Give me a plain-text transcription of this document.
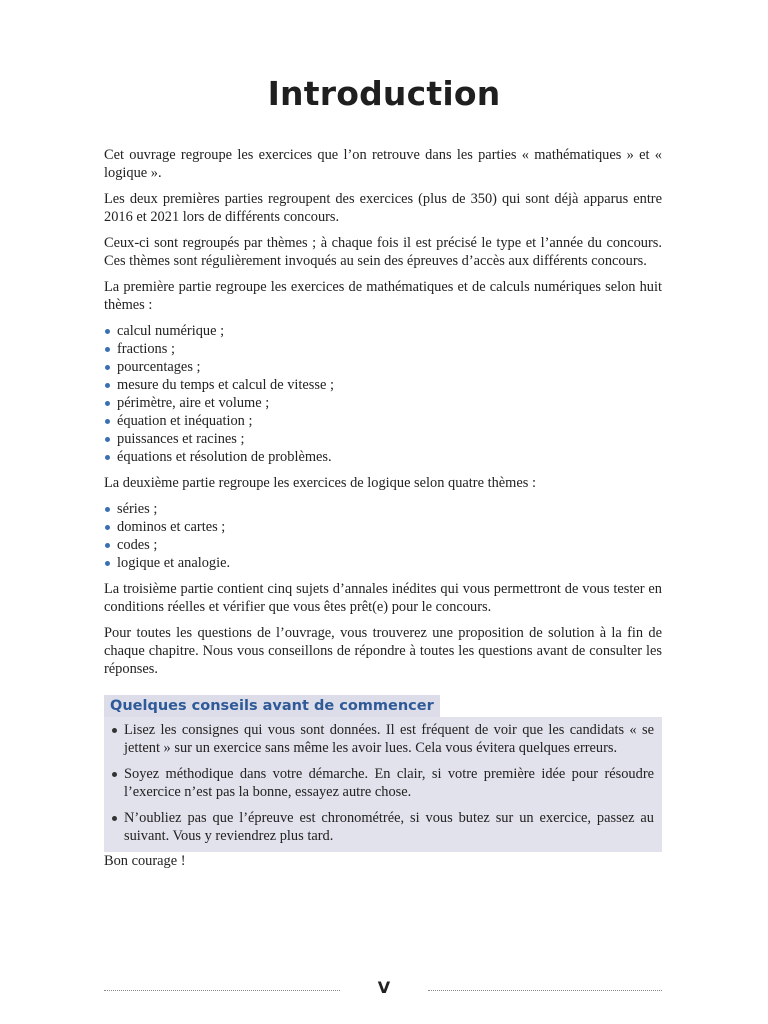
Introduction

Cet ouvrage regroupe les exercices que l’on retrouve dans les parties « mathématiques » et « logique ».

Les deux premières parties regroupent des exercices (plus de 350) qui sont déjà apparus entre 2016 et 2021 lors de différents concours.

Ceux-ci sont regroupés par thèmes ; à chaque fois il est précisé le type et l’année du concours. Ces thèmes sont régulièrement invoqués au sein des épreuves d’accès aux différents concours.

La première partie regroupe les exercices de mathématiques et de calculs numériques selon huit thèmes :

calcul numérique ;
fractions ;
pourcentages ;
mesure du temps et calcul de vitesse ;
périmètre, aire et volume ;
équation et inéquation ;
puissances et racines ;
équations et résolution de problèmes.

La deuxième partie regroupe les exercices de logique selon quatre thèmes :

séries ;
dominos et cartes ;
codes ;
logique et analogie.

La troisième partie contient cinq sujets d’annales inédites qui vous permettront de vous tester en conditions réelles et vérifier que vous êtes prêt(e) pour le concours.

Pour toutes les questions de l’ouvrage, vous trouverez une proposition de solution à la fin de chaque chapitre. Nous vous conseillons de répondre à toutes les questions avant de consulter les réponses.

Quelques conseils avant de commencer
Lisez les consignes qui vous sont données. Il est fréquent de voir que les candidats « se jettent » sur un exercice sans même les avoir lues. Cela vous évitera quelques erreurs.
Soyez méthodique dans votre démarche. En clair, si votre première idée pour résoudre l’exercice n’est pas la bonne, essayez autre chose.
N’oubliez pas que l’épreuve est chronométrée, si vous butez sur un exercice, passez au suivant. Vous y reviendrez plus tard.

Bon courage !

V
